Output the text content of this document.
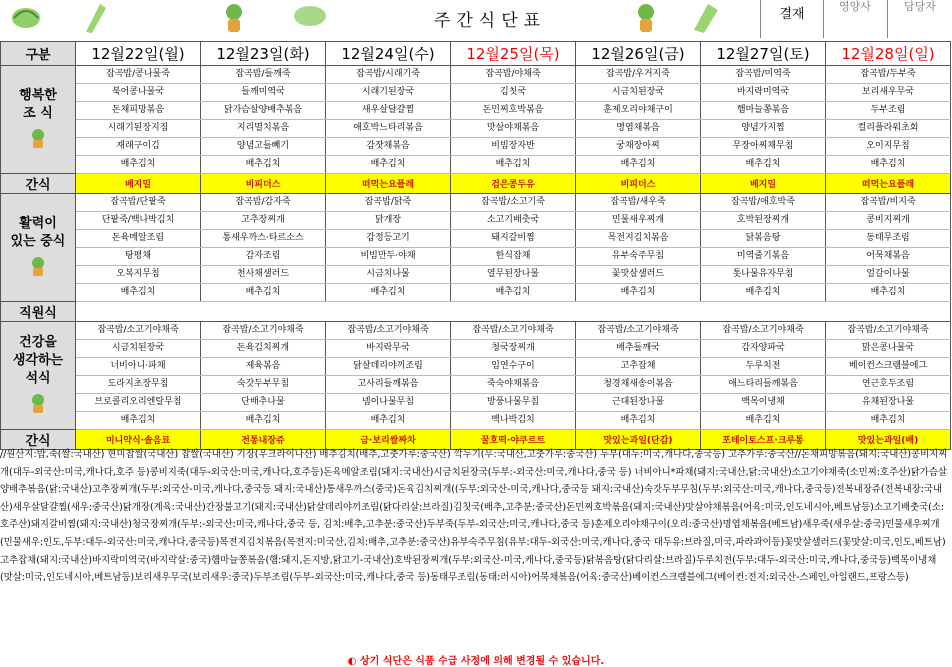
주간식단표	결재
영양사	담당자
구분	12월22일(월)	12월23일(화)	12월24일(수)	12월25일(목)	12월26일(금)	12월27일(토)	12월28일(일)

행복한
조 식	잡곡밥/콩나물죽	잡곡밥/들깨죽	잡곡밥/시래기죽	잡곡밥/야채죽	잡곡밥/우거지죽	잡곡밥/미역죽	잡곡밥/두부죽
	북어콩나물국	들깨미역국	시래기된장국	김칫국	시금치된장국	바지락미역국	보리새우무국
	돈채피망볶음	닭가슴살양배추볶음	새우살달걀찜	돈민찌호박볶음	훈제오리야채구이	햄마늘쫑볶음	두부조림
	시래기된장지짐	지리멸치볶음	애호박느타리볶음	맛살야채볶음	명엽채볶음	양념가지찜	컬리플라워초회
	재래구이김	양념고들빼기	감잣채볶음	비빔장자반	궁채장아찌	무장아찌채무침	오이지무침
	배추김치	배추김치	배추김치	배추김치	배추김치	배추김치	배추김치
간식	베지밀	비피더스	떠먹는요플레	검은콩두유	비피더스	베지밀	떠먹는요플레

활력이
있는 중식	잡곡밥/단팥죽	잡곡밥/감자죽	잡곡밥/닭죽	잡곡밥/소고기죽	잡곡밥/새우죽	잡곡밥/애호박죽	잡곡밥/비지죽
	단팥죽/백나박김치	고추장찌개	닭개장	소고기배춧국	민물새우찌개	호박된장찌개	콩비지찌개
	돈육메알조림	통새우까스·타르소스	감정등고기	돼지갈비찜	목전지김치볶음	닭볶음탕	동태무조림
	탕평채	감자조림	비빔만두·야채	한식잡채	유부숙주무침	미역줄기볶음	어묵채볶음
	오복지무침	천사채샐러드	시금치나물	열무된장나물	꽃맛살샐러드	톳나물유자무침	얼갈이나물
	배추김치	배추김치	배추김치	배추김치	배추김치	배추김치	배추김치
직원식							

건강을
생각하는
석식	잡곡밥/소고기야채죽	잡곡밥/소고기야채죽	잡곡밥/소고기야채죽	잡곡밥/소고기야채죽	잡곡밥/소고기야채죽	잡곡밥/소고기야채죽	잡곡밥/소고기야채죽
	시금치된장국	돈육김치찌개	바지락무국	청국장찌개	배추들깨국	감자양파국	맑은콩나물국
	너비아니·파채	제육볶음	닭살데리야끼조림	임연수구이	고추잡채	두루치전	베이컨스크램블에그
	도라지초장무침	숙갓두부무침	고사리들깨볶음	죽숙야채볶음	청경채새송이볶음	애느타리들깨볶음	연근호두조림
	브로콜리오리엔탈무침	단배추나물	넴이나물무침	방풍나물무침	근대된장나물	백목이냉채	유채된장나물
	배추김치	배추김치	배추김치	백나박김치	배추김치	배추김치	배추김치
간식	미니약식·솔음료	전통내장쥬	금·보리쌀짜차	꿀호떡·야쿠르트	맛있는과일(단감)	포테이토스프·크루통	맛있는과일(배)
//원산지:밥,죽(쌀:국내산) 현미찹쌀(국내산) 찹쌀(국내산) 기장(우크라이나산) 배추김치(배추,고춧가루:중국산) 깍두기(무:국내산,고춧가루:중국산) 두부(대두:미국,캐나다,중국등) 고추가루:중국산//돈채피망볶음(돼지:국내산)콩비지찌개(대두-외국산:미국,캐나다,호주 등)콩비지죽(대두-외국산:미국,캐나다,호주등)돈육메알조림(돼지:국내산)시금치된장국(두부:-외국산:미국,캐나다,중국 등) 너비아니*파채(돼지:국내산,닭:국내산)소고기야채죽(소민찌:호주산)닭가슴살양배추볶음(닭:국내산)고추장찌개(두부:외국산-미국,캐나다,중국등 돼지:국내산)통새우까스(중국)돈육김치찌개((두부:외국산-미국,캐나다,중국등 돼지:국내산)숙갓두부무침(두부:외국산:미국,캐나다,중국등)전복내장쥬(전복내장:국내산)새우살달걀찜(새우:중국산)닭개장(계육:국내산)간장불고기(돼지:국내산)닭살데리야끼조림(닭다리살:브라질)김칫국(배추,고추분:중국산)돈민찌호박볶음(돼지:국내산)맛살야채볶음(어육:미국,인도네시아,베트남등)소고기배춧국(소:호주산)돼지갈비찜(돼지:국내산)청국장찌개(두부:-외국산:미국,캐나다,중국 등, 김치:배추,고추분:중국산)두부죽(두부-외국산:미국,캐나다,중국 등)훈제오리야채구이(오리:중국산)명엽채볶음(베트남)새우죽(새우살:중국)민물새우찌개(민물새우:인도,두부:대두-외국산:미국,캐나다,중국등)목전지김치볶음(목전지:미국산,김치:배추,고추분:중국산)유부숙주무침(유부:대두-외국산:미국,캐나다,중국 대두유:브라질,미국,파라과이등)꽃맛살샐러드(꽃맛살:미국,인도,베트남)고추잡채(돼지:국내산)바지락미역국(바지락살:중국)햄마늘쫑볶음(햄:돼지,돈지방,닭고기-국내산)호박된장찌개(두부:외국산-미국,캐나다,중국등)닭볶음탕(닭다리살:브라질)두루치전(두부:대두-외국산:미국,캐나다,중국등)백목이냉채(맛살:미국,인도네시아,베트남등)보리새우무국(보리새우:중국)두부조림(두부-외국산:미국,캐나다,중국 등)동태무조림(동태:러시아)어묵채볶음(어육:중국산)베이컨스크램블에그(베이컨:전지:외국산-스페인,아일랜드,프랑스등)
◐ 상기 식단은 식품 수급 사정에 의해 변경될 수 있습니다.
